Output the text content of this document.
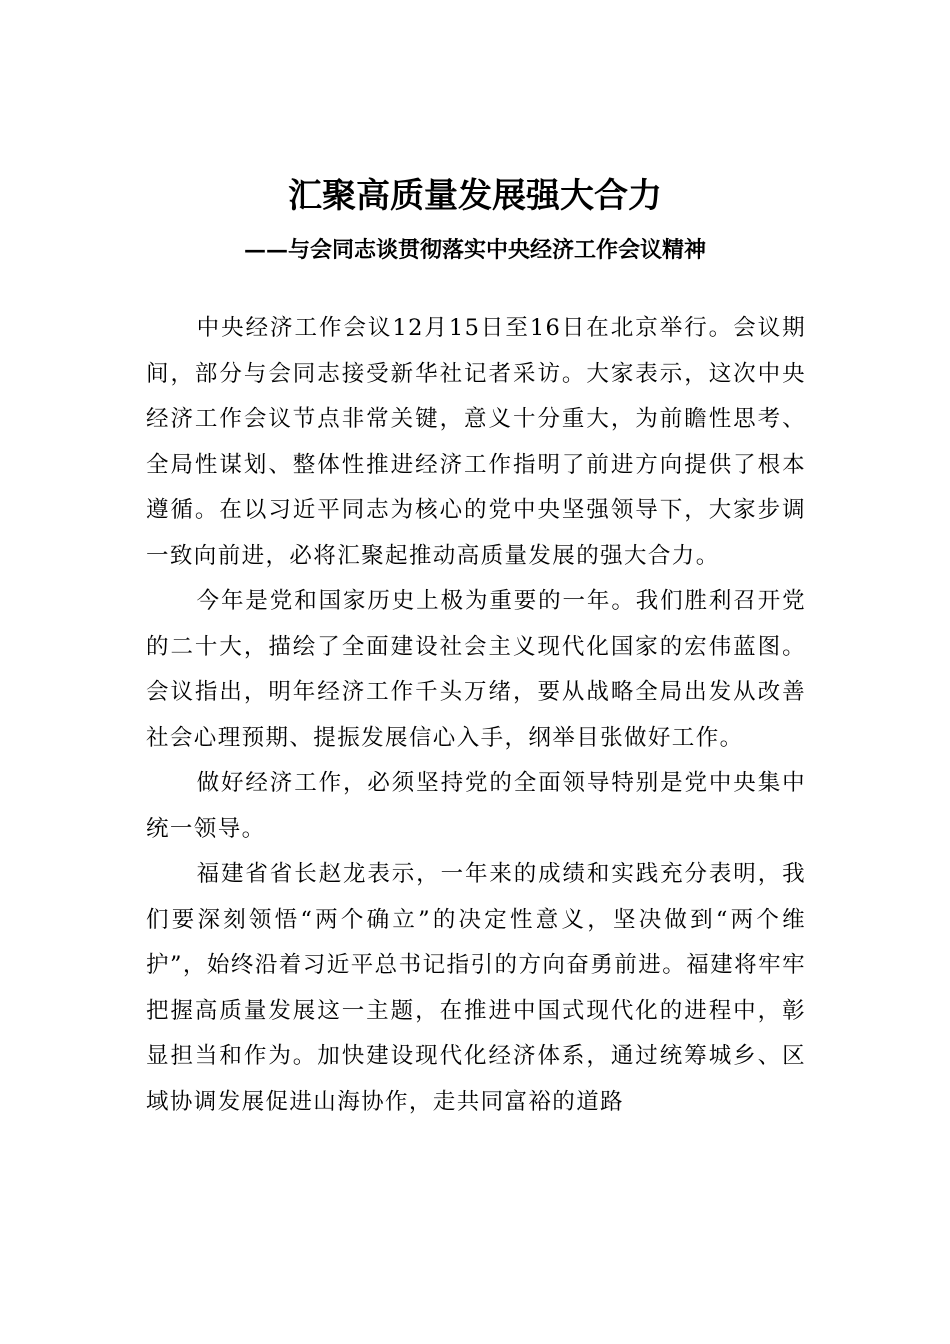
汇聚高质量发展强大合力
——与会同志谈贯彻落实中央经济工作会议精神

中央经济工作会议12月15日至16日在北京举行。会议期间，部分与会同志接受新华社记者采访。大家表示，这次中央经济工作会议节点非常关键，意义十分重大，为前瞻性思考、全局性谋划、整体性推进经济工作指明了前进方向提供了根本遵循。在以习近平同志为核心的党中央坚强领导下，大家步调一致向前进，必将汇聚起推动高质量发展的强大合力。

今年是党和国家历史上极为重要的一年。我们胜利召开党的二十大，描绘了全面建设社会主义现代化国家的宏伟蓝图。会议指出，明年经济工作千头万绪，要从战略全局出发从改善社会心理预期、提振发展信心入手，纲举目张做好工作。

做好经济工作，必须坚持党的全面领导特别是党中央集中统一领导。

福建省省长赵龙表示，一年来的成绩和实践充分表明，我们要深刻领悟“两个确立”的决定性意义，坚决做到“两个维护”，始终沿着习近平总书记指引的方向奋勇前进。福建将牢牢把握高质量发展这一主题，在推进中国式现代化的进程中，彰显担当和作为。加快建设现代化经济体系，通过统筹城乡、区域协调发展促进山海协作，走共同富裕的道路
